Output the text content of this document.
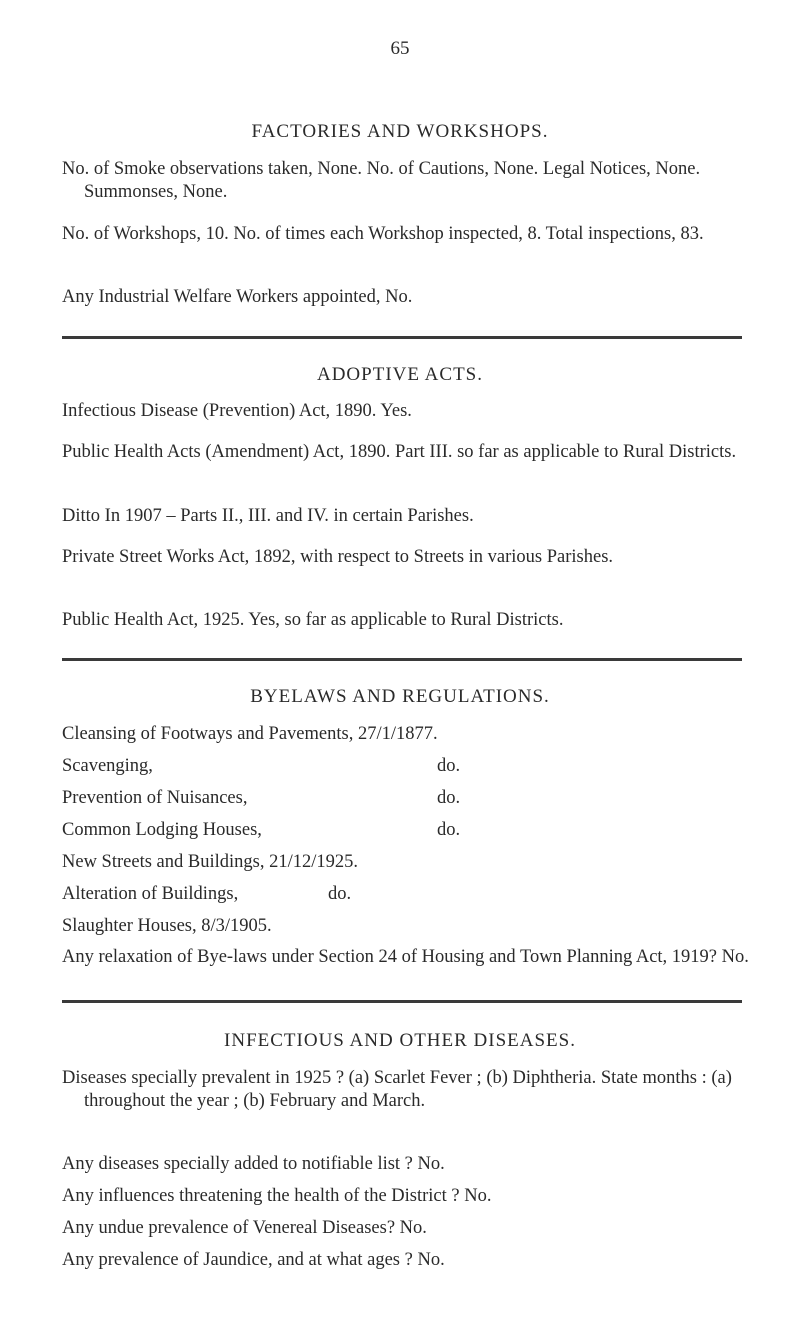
65
FACTORIES AND WORKSHOPS.
No. of Smoke observations taken, None. No. of Cautions, None. Legal Notices, None. Summonses, None.
No. of Workshops, 10. No. of times each Workshop inspected, 8. Total inspections, 83.
Any Industrial Welfare Workers appointed, No.
ADOPTIVE ACTS.
Infectious Disease (Prevention) Act, 1890. Yes.
Public Health Acts (Amendment) Act, 1890. Part III. so far as applicable to Rural Districts.
Ditto In 1907 – Parts II., III. and IV. in certain Parishes.
Private Street Works Act, 1892, with respect to Streets in various Parishes.
Public Health Act, 1925. Yes, so far as applicable to Rural Districts.
BYELAWS AND REGULATIONS.
Cleansing of Footways and Pavements, 27/1/1877.
Scavenging,	do.
Prevention of Nuisances,	do.
Common Lodging Houses,	do.
New Streets and Buildings, 21/12/1925.
Alteration of Buildings,	do.
Slaughter Houses, 8/3/1905.
Any relaxation of Bye-laws under Section 24 of Housing and Town Planning Act, 1919? No.
INFECTIOUS AND OTHER DISEASES.
Diseases specially prevalent in 1925 ? (a) Scarlet Fever ; (b) Diphtheria. State months : (a) throughout the year ; (b) February and March.
Any diseases specially added to notifiable list ? No.
Any influences threatening the health of the District ? No.
Any undue prevalence of Venereal Diseases? No.
Any prevalence of Jaundice, and at what ages ? No.
